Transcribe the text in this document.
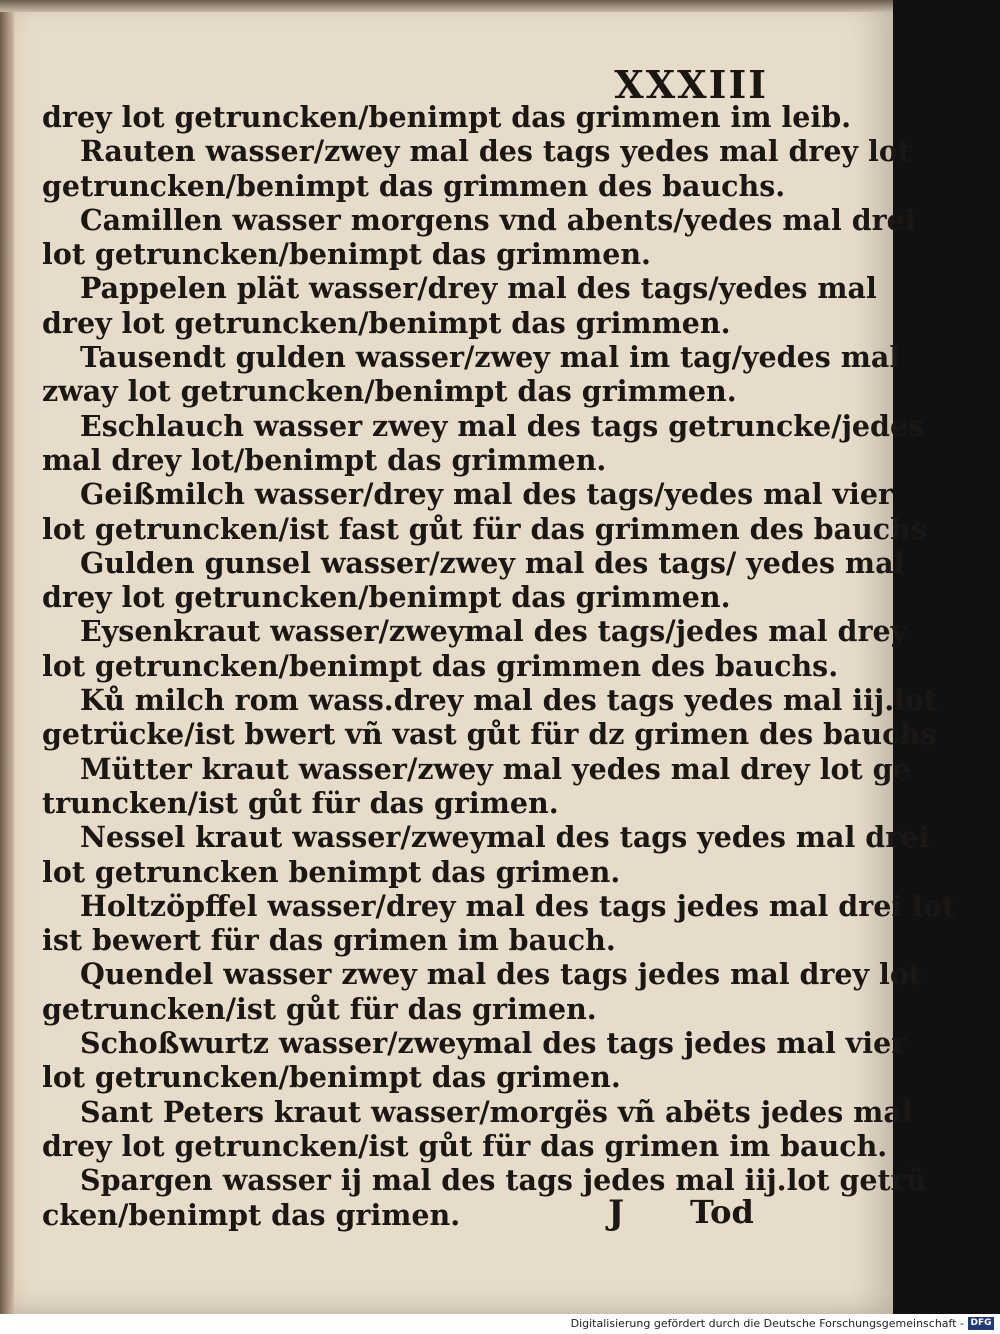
XXXIII
drey lot getruncken/benimpt das grimmen im leib.
Rauten wasser/zwey mal des tags yedes mal drey lot
getruncken/benimpt das grimmen des bauchs.
Camillen wasser morgens vnd abents/yedes mal drei
lot getruncken/benimpt das grimmen.
Pappelen plät wasser/drey mal des tags/yedes mal
drey lot getruncken/benimpt das grimmen.
Tausendt gulden wasser/zwey mal im tag/yedes mal
zway lot getruncken/benimpt das grimmen.
Eschlauch wasser zwey mal des tags getruncke/jedes
mal drey lot/benimpt das grimmen.
Geißmilch wasser/drey mal des tags/yedes mal vier
lot getruncken/ist fast gůt für das grimmen des bauchs
Gulden gunsel wasser/zwey mal des tags/ yedes mal
drey lot getruncken/benimpt das grimmen.
Eysenkraut wasser/zweymal des tags/jedes mal drey
lot getruncken/benimpt das grimmen des bauchs.
Ků milch rom wass.drey mal des tags yedes mal iij.lot
getrücke/ist bwert vñ vast gůt für dz grimen des bauchs
Mütter kraut wasser/zwey mal yedes mal drey lot ge
truncken/ist gůt für das grimen.
Nessel kraut wasser/zweymal des tags yedes mal drei
lot getruncken benimpt das grimen.
Holtzöpffel wasser/drey mal des tags jedes mal drei lot
ist bewert für das grimen im bauch.
Quendel wasser zwey mal des tags jedes mal drey lot
getruncken/ist gůt für das grimen.
Schoßwurtz wasser/zweymal des tags jedes mal vier
lot getruncken/benimpt das grimen.
Sant Peters kraut wasser/morgës vñ abëts jedes mal
drey lot getruncken/ist gůt für das grimen im bauch.
Spargen wasser ij mal des tags jedes mal iij.lot getrü
cken/benimpt das grimen.	J Tod
Digitalisierung gefördert durch die Deutsche Forschungsgemeinschaft - DFG
